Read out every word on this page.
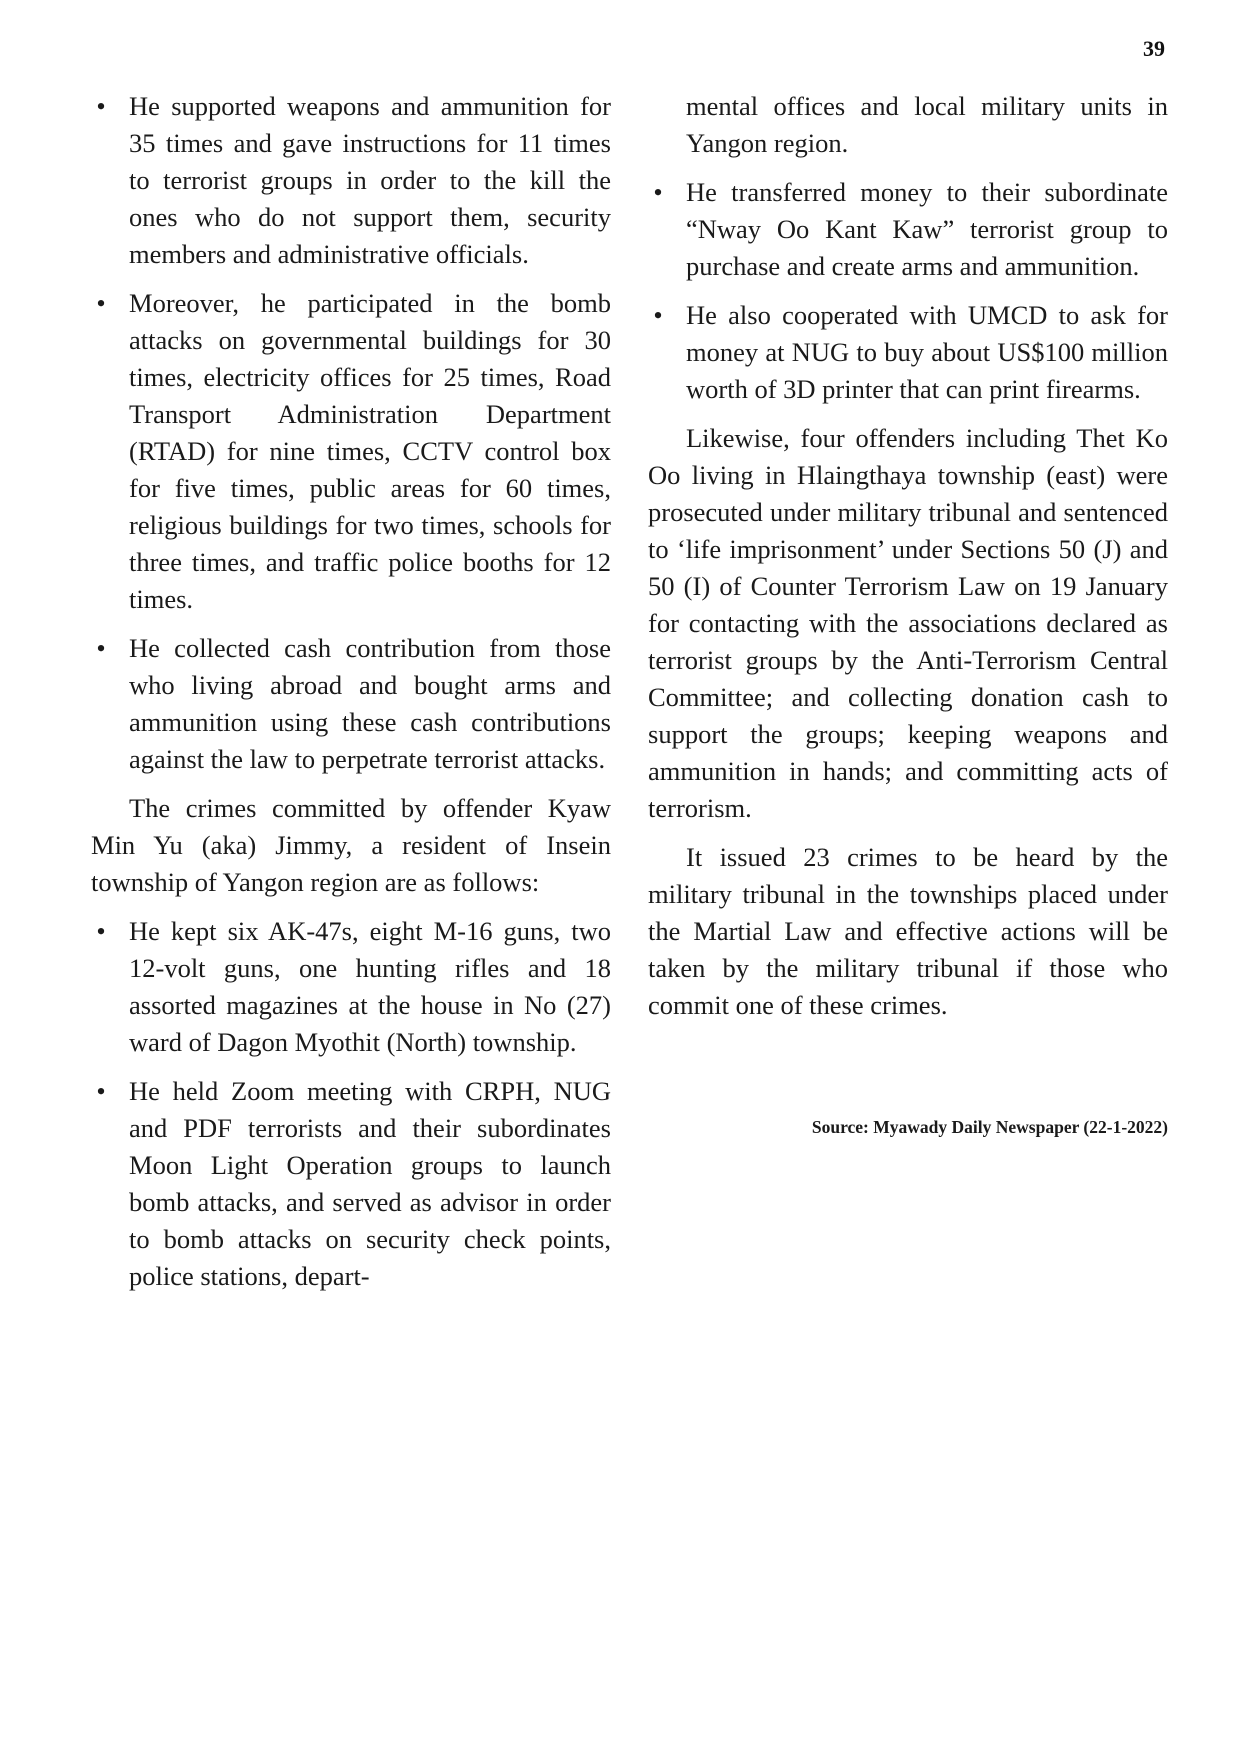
39
• He supported weapons and ammunition for 35 times and gave instructions for 11 times to terrorist groups in order to the kill the ones who do not support them, security members and administrative officials.
• Moreover, he participated in the bomb attacks on governmental buildings for 30 times, electricity offices for 25 times, Road Transport Administration Department (RTAD) for nine times, CCTV control box for five times, public areas for 60 times, religious buildings for two times, schools for three times, and traffic police booths for 12 times.
• He collected cash contribution from those who living abroad and bought arms and ammunition using these cash contributions against the law to perpetrate terrorist attacks.

The crimes committed by offender Kyaw Min Yu (aka) Jimmy, a resident of Insein township of Yangon region are as follows:

• He kept six AK-47s, eight M-16 guns, two 12-volt guns, one hunting rifles and 18 assorted magazines at the house in No (27) ward of Dagon Myothit (North) township.
• He held Zoom meeting with CRPH, NUG and PDF terrorists and their subordinates Moon Light Operation groups to launch bomb attacks, and served as advisor in order to bomb attacks on security check points, police stations, depart-
mental offices and local military units in Yangon region.
• He transferred money to their subordinate “Nway Oo Kant Kaw” terrorist group to purchase and create arms and ammunition.
• He also cooperated with UMCD to ask for money at NUG to buy about US$100 million worth of 3D printer that can print firearms.

Likewise, four offenders including Thet Ko Oo living in Hlaingthaya township (east) were prosecuted under military tribunal and sentenced to ‘life imprisonment’ under Sections 50 (J) and 50 (I) of Counter Terrorism Law on 19 January for contacting with the associations declared as terrorist groups by the Anti-Terrorism Central Committee; and collecting donation cash to support the groups; keeping weapons and ammunition in hands; and committing acts of terrorism.

It issued 23 crimes to be heard by the military tribunal in the townships placed under the Martial Law and effective actions will be taken by the military tribunal if those who commit one of these crimes.

Source: Myawady Daily Newspaper (22-1-2022)
